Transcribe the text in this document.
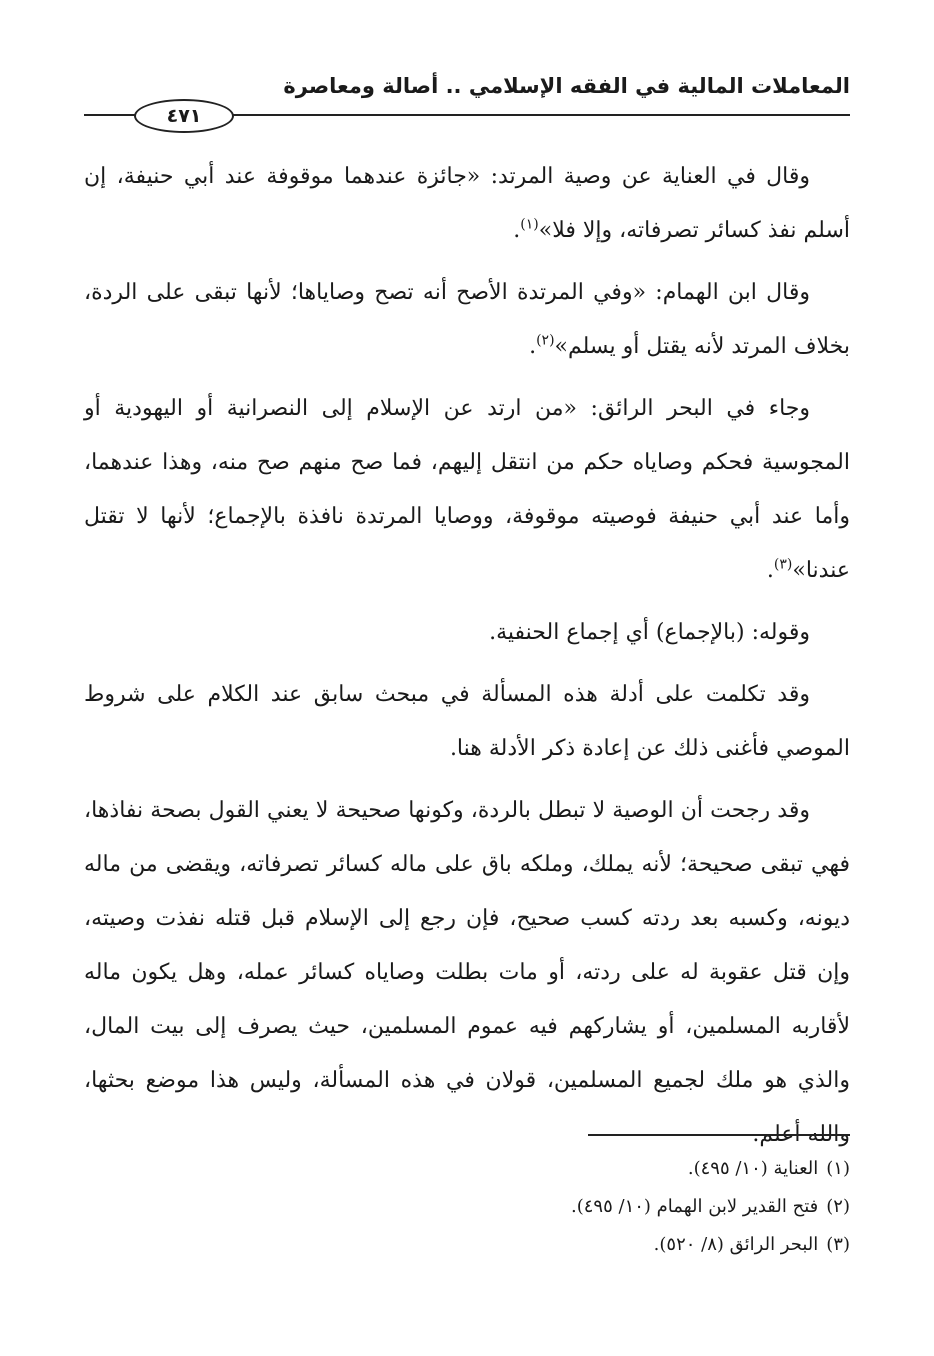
المعاملات المالية في الفقه الإسلامي .. أصالة ومعاصرة
٤٧١

وقال في العناية عن وصية المرتد: «جائزة عندهما موقوفة عند أبي حنيفة، إن أسلم نفذ كسائر تصرفاته، وإلا فلا»$^{(١)}$.

وقال ابن الهمام: «وفي المرتدة الأصح أنه تصح وصاياها؛ لأنها تبقى على الردة، بخلاف المرتد لأنه يقتل أو يسلم»$^{(٢)}$.

وجاء في البحر الرائق: «من ارتد عن الإسلام إلى النصرانية أو اليهودية أو المجوسية فحكم وصاياه حكم من انتقل إليهم، فما صح منهم صح منه، وهذا عندهما، وأما عند أبي حنيفة فوصيته موقوفة، ووصايا المرتدة نافذة بالإجماع؛ لأنها لا تقتل عندنا»$^{(٣)}$.

وقوله: (بالإجماع) أي إجماع الحنفية.

وقد تكلمت على أدلة هذه المسألة في مبحث سابق عند الكلام على شروط الموصي فأغنى ذلك عن إعادة ذكر الأدلة هنا.

وقد رجحت أن الوصية لا تبطل بالردة، وكونها صحيحة لا يعني القول بصحة نفاذها، فهي تبقى صحيحة؛ لأنه يملك، وملكه باق على ماله كسائر تصرفاته، ويقضى من ماله ديونه، وكسبه بعد ردته كسب صحيح، فإن رجع إلى الإسلام قبل قتله نفذت وصيته، وإن قتل عقوبة له على ردته، أو مات بطلت وصاياه كسائر عمله، وهل يكون ماله لأقاربه المسلمين، أو يشاركهم فيه عموم المسلمين، حيث يصرف إلى بيت المال، والذي هو ملك لجميع المسلمين، قولان في هذه المسألة، وليس هذا موضع بحثها، والله أعلم.

(١)العناية (١٠/ ٤٩٥).

(٢)فتح القدير لابن الهمام (١٠/ ٤٩٥).

(٣)البحر الرائق (٨/ ٥٢٠).
